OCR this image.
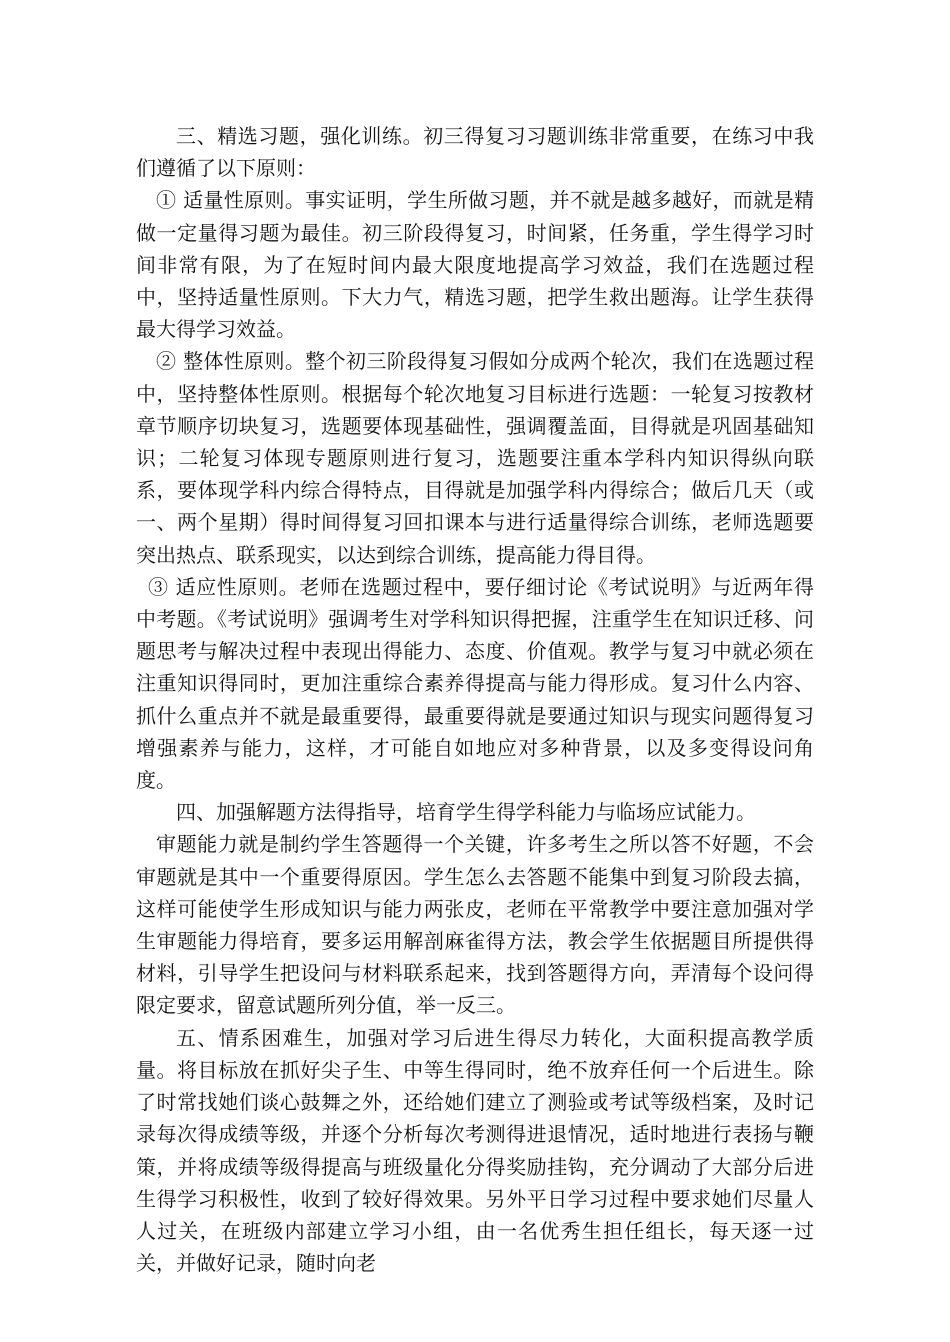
三、精选习题，强化训练。初三得复习习题训练非常重要，在练习中我们遵循了以下原则：

① 适量性原则。事实证明，学生所做习题，并不就是越多越好，而就是精做一定量得习题为最佳。初三阶段得复习，时间紧，任务重，学生得学习时间非常有限，为了在短时间内最大限度地提高学习效益，我们在选题过程中，坚持适量性原则。下大力气，精选习题，把学生救出题海。让学生获得最大得学习效益。

② 整体性原则。整个初三阶段得复习假如分成两个轮次，我们在选题过程中，坚持整体性原则。根据每个轮次地复习目标进行选题：一轮复习按教材章节顺序切块复习，选题要体现基础性，强调覆盖面，目得就是巩固基础知识；二轮复习体现专题原则进行复习，选题要注重本学科内知识得纵向联系，要体现学科内综合得特点，目得就是加强学科内得综合；做后几天（或一、两个星期）得时间得复习回扣课本与进行适量得综合训练，老师选题要突出热点、联系现实，以达到综合训练，提高能力得目得。

③ 适应性原则。老师在选题过程中，要仔细讨论《考试说明》与近两年得中考题。《考试说明》强调考生对学科知识得把握，注重学生在知识迁移、问题思考与解决过程中表现出得能力、态度、价值观。教学与复习中就必须在注重知识得同时，更加注重综合素养得提高与能力得形成。复习什么内容、抓什么重点并不就是最重要得，最重要得就是要通过知识与现实问题得复习增强素养与能力，这样，才可能自如地应对多种背景，以及多变得设问角度。

四、加强解题方法得指导，培育学生得学科能力与临场应试能力。

审题能力就是制约学生答题得一个关键，许多考生之所以答不好题，不会审题就是其中一个重要得原因。学生怎么去答题不能集中到复习阶段去搞，这样可能使学生形成知识与能力两张皮，老师在平常教学中要注意加强对学生审题能力得培育，要多运用解剖麻雀得方法，教会学生依据题目所提供得材料，引导学生把设问与材料联系起来，找到答题得方向，弄清每个设问得限定要求，留意试题所列分值，举一反三。

五、情系困难生，加强对学习后进生得尽力转化，大面积提高教学质量。将目标放在抓好尖子生、中等生得同时，绝不放弃任何一个后进生。除了时常找她们谈心鼓舞之外，还给她们建立了测验或考试等级档案，及时记录每次得成绩等级，并逐个分析每次考测得进退情况，适时地进行表扬与鞭策，并将成绩等级得提高与班级量化分得奖励挂钩，充分调动了大部分后进生得学习积极性，收到了较好得效果。另外平日学习过程中要求她们尽量人人过关，在班级内部建立学习小组，由一名优秀生担任组长，每天逐一过关，并做好记录，随时向老
